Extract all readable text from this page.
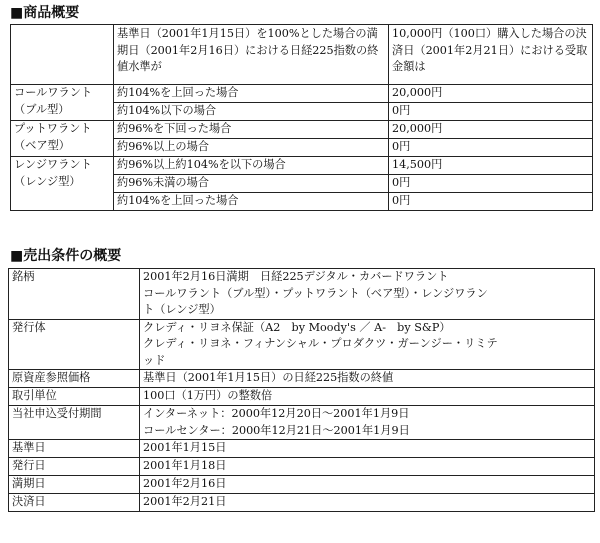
■商品概要
	基準日（2001年1月15日）を100%とした場合の満期日（2001年2月16日）における日経225指数の終値水準が	10,000円（100口）購入した場合の決済日（2001年2月21日）における受取金額は
コールワラント（ブル型）	約104%を上回った場合	20,000円
	約104%以下の場合	0円
プットワラント（ベア型）	約96%を下回った場合	20,000円
	約96%以上の場合	0円
レンジワラント（レンジ型）	約96%以上約104%を以下の場合	14,500円
	約96%未満の場合	0円
	約104%を上回った場合	0円
■売出条件の概要
銘柄	2001年2月16日満期　日経225デジタル・カバードワラント
コールワラント（ブル型）・プットワラント（ベア型）・レンジワラン
ト（レンジ型）

発行体	クレディ・リヨネ保証（A2　by Moody's ／ A-　by S&P）
クレディ・リヨネ・フィナンシャル・プロダクツ・ガーンジー・リミテ
ッド

原資産参照価格	基準日（2001年1月15日）の日経225指数の終値

取引単位	100口（1万円）の整数倍

当社申込受付期間	インターネット：2000年12月20日～2001年1月9日
コールセンター：2000年12月21日～2001年1月9日

基準日	2001年1月15日

発行日	2001年1月18日

満期日	2001年2月16日

決済日	2001年2月21日
